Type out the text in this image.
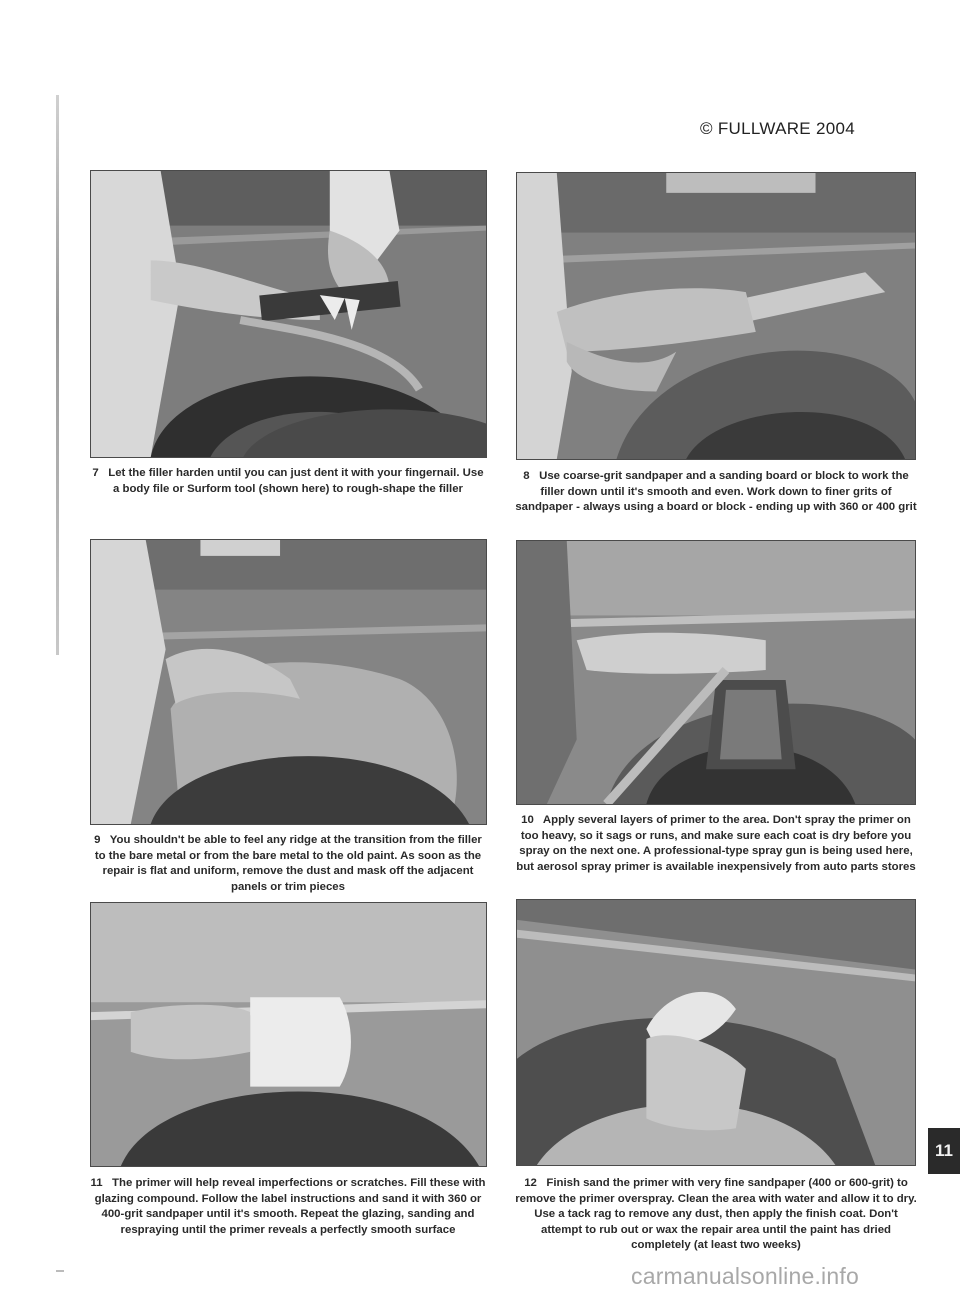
© FULLWARE 2004
7 Let the filler harden until you can just dent it with your fingernail. Use a body file or Surform tool (shown here) to rough-shape the filler
8 Use coarse-grit sandpaper and a sanding board or block to work the filler down until it's smooth and even. Work down to finer grits of sandpaper - always using a board or block - ending up with 360 or 400 grit
9 You shouldn't be able to feel any ridge at the transition from the filler to the bare metal or from the bare metal to the old paint. As soon as the repair is flat and uniform, remove the dust and mask off the adjacent panels or trim pieces
10 Apply several layers of primer to the area. Don't spray the primer on too heavy, so it sags or runs, and make sure each coat is dry before you spray on the next one. A professional-type spray gun is being used here, but aerosol spray primer is available inexpensively from auto parts stores
11 The primer will help reveal imperfections or scratches. Fill these with glazing compound. Follow the label instructions and sand it with 360 or 400-grit sandpaper until it's smooth. Repeat the glazing, sanding and respraying until the primer reveals a perfectly smooth surface
12 Finish sand the primer with very fine sandpaper (400 or 600-grit) to remove the primer overspray. Clean the area with water and allow it to dry. Use a tack rag to remove any dust, then apply the finish coat. Don't attempt to rub out or wax the repair area until the paint has dried completely (at least two weeks)
11
carmanualsonline.info
